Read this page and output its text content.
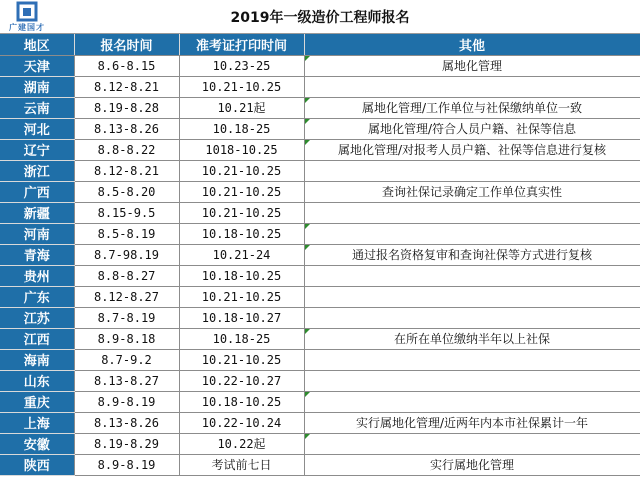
广建国才
2019年一级造价工程师报名
地区	报名时间	准考证打印时间	其他
天津	8.6-8.15	10.23-25	属地化管理
湖南	8.12-8.21	10.21-10.25	
云南	8.19-8.28	10.21起	属地化管理/工作单位与社保缴纳单位一致
河北	8.13-8.26	10.18-25	属地化管理/符合人员户籍、社保等信息
辽宁	8.8-8.22	1018-10.25	属地化管理/对报考人员户籍、社保等信息进行复核
浙江	8.12-8.21	10.21-10.25	
广西	8.5-8.20	10.21-10.25	查询社保记录确定工作单位真实性
新疆	8.15-9.5	10.21-10.25	
河南	8.5-8.19	10.18-10.25	
青海	8.7-98.19	10.21-24	通过报名资格复审和查询社保等方式进行复核
贵州	8.8-8.27	10.18-10.25	
广东	8.12-8.27	10.21-10.25	
江苏	8.7-8.19	10.18-10.27	
江西	8.9-8.18	10.18-25	在所在单位缴纳半年以上社保
海南	8.7-9.2	10.21-10.25	
山东	8.13-8.27	10.22-10.27	
重庆	8.9-8.19	10.18-10.25	
上海	8.13-8.26	10.22-10.24	实行属地化管理/近两年内本市社保累计一年
安徽	8.19-8.29	10.22起	
陕西	8.9-8.19	考试前七日	实行属地化管理
